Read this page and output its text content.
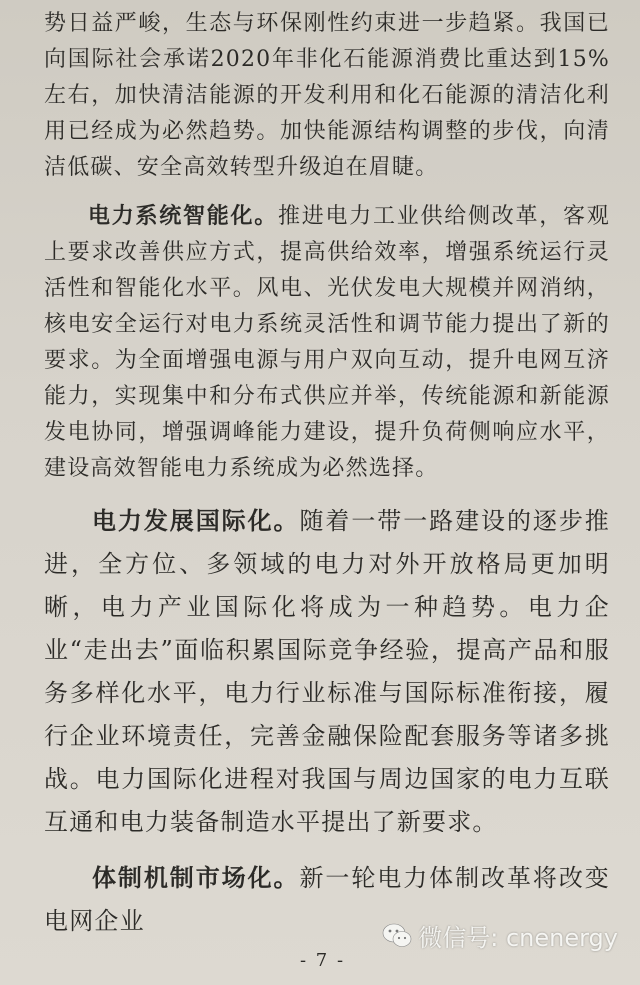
势日益严峻，生态与环保刚性约束进一步趋紧。我国已向国际社会承诺2020年非化石能源消费比重达到15%左右，加快清洁能源的开发利用和化石能源的清洁化利用已经成为必然趋势。加快能源结构调整的步伐，向清洁低碳、安全高效转型升级迫在眉睫。

电力系统智能化。推进电力工业供给侧改革，客观上要求改善供应方式，提高供给效率，增强系统运行灵活性和智能化水平。风电、光伏发电大规模并网消纳，核电安全运行对电力系统灵活性和调节能力提出了新的要求。为全面增强电源与用户双向互动，提升电网互济能力，实现集中和分布式供应并举，传统能源和新能源发电协同，增强调峰能力建设，提升负荷侧响应水平，建设高效智能电力系统成为必然选择。

电力发展国际化。随着一带一路建设的逐步推进，全方位、多领域的电力对外开放格局更加明晰，电力产业国际化将成为一种趋势。电力企业“走出去”面临积累国际竞争经验，提高产品和服务多样化水平，电力行业标准与国际标准衔接，履行企业环境责任，完善金融保险配套服务等诸多挑战。电力国际化进程对我国与周边国家的电力互联互通和电力装备制造水平提出了新要求。

体制机制市场化。新一轮电力体制改革将改变电网企业

微信号: cnenergy
- 7 -
